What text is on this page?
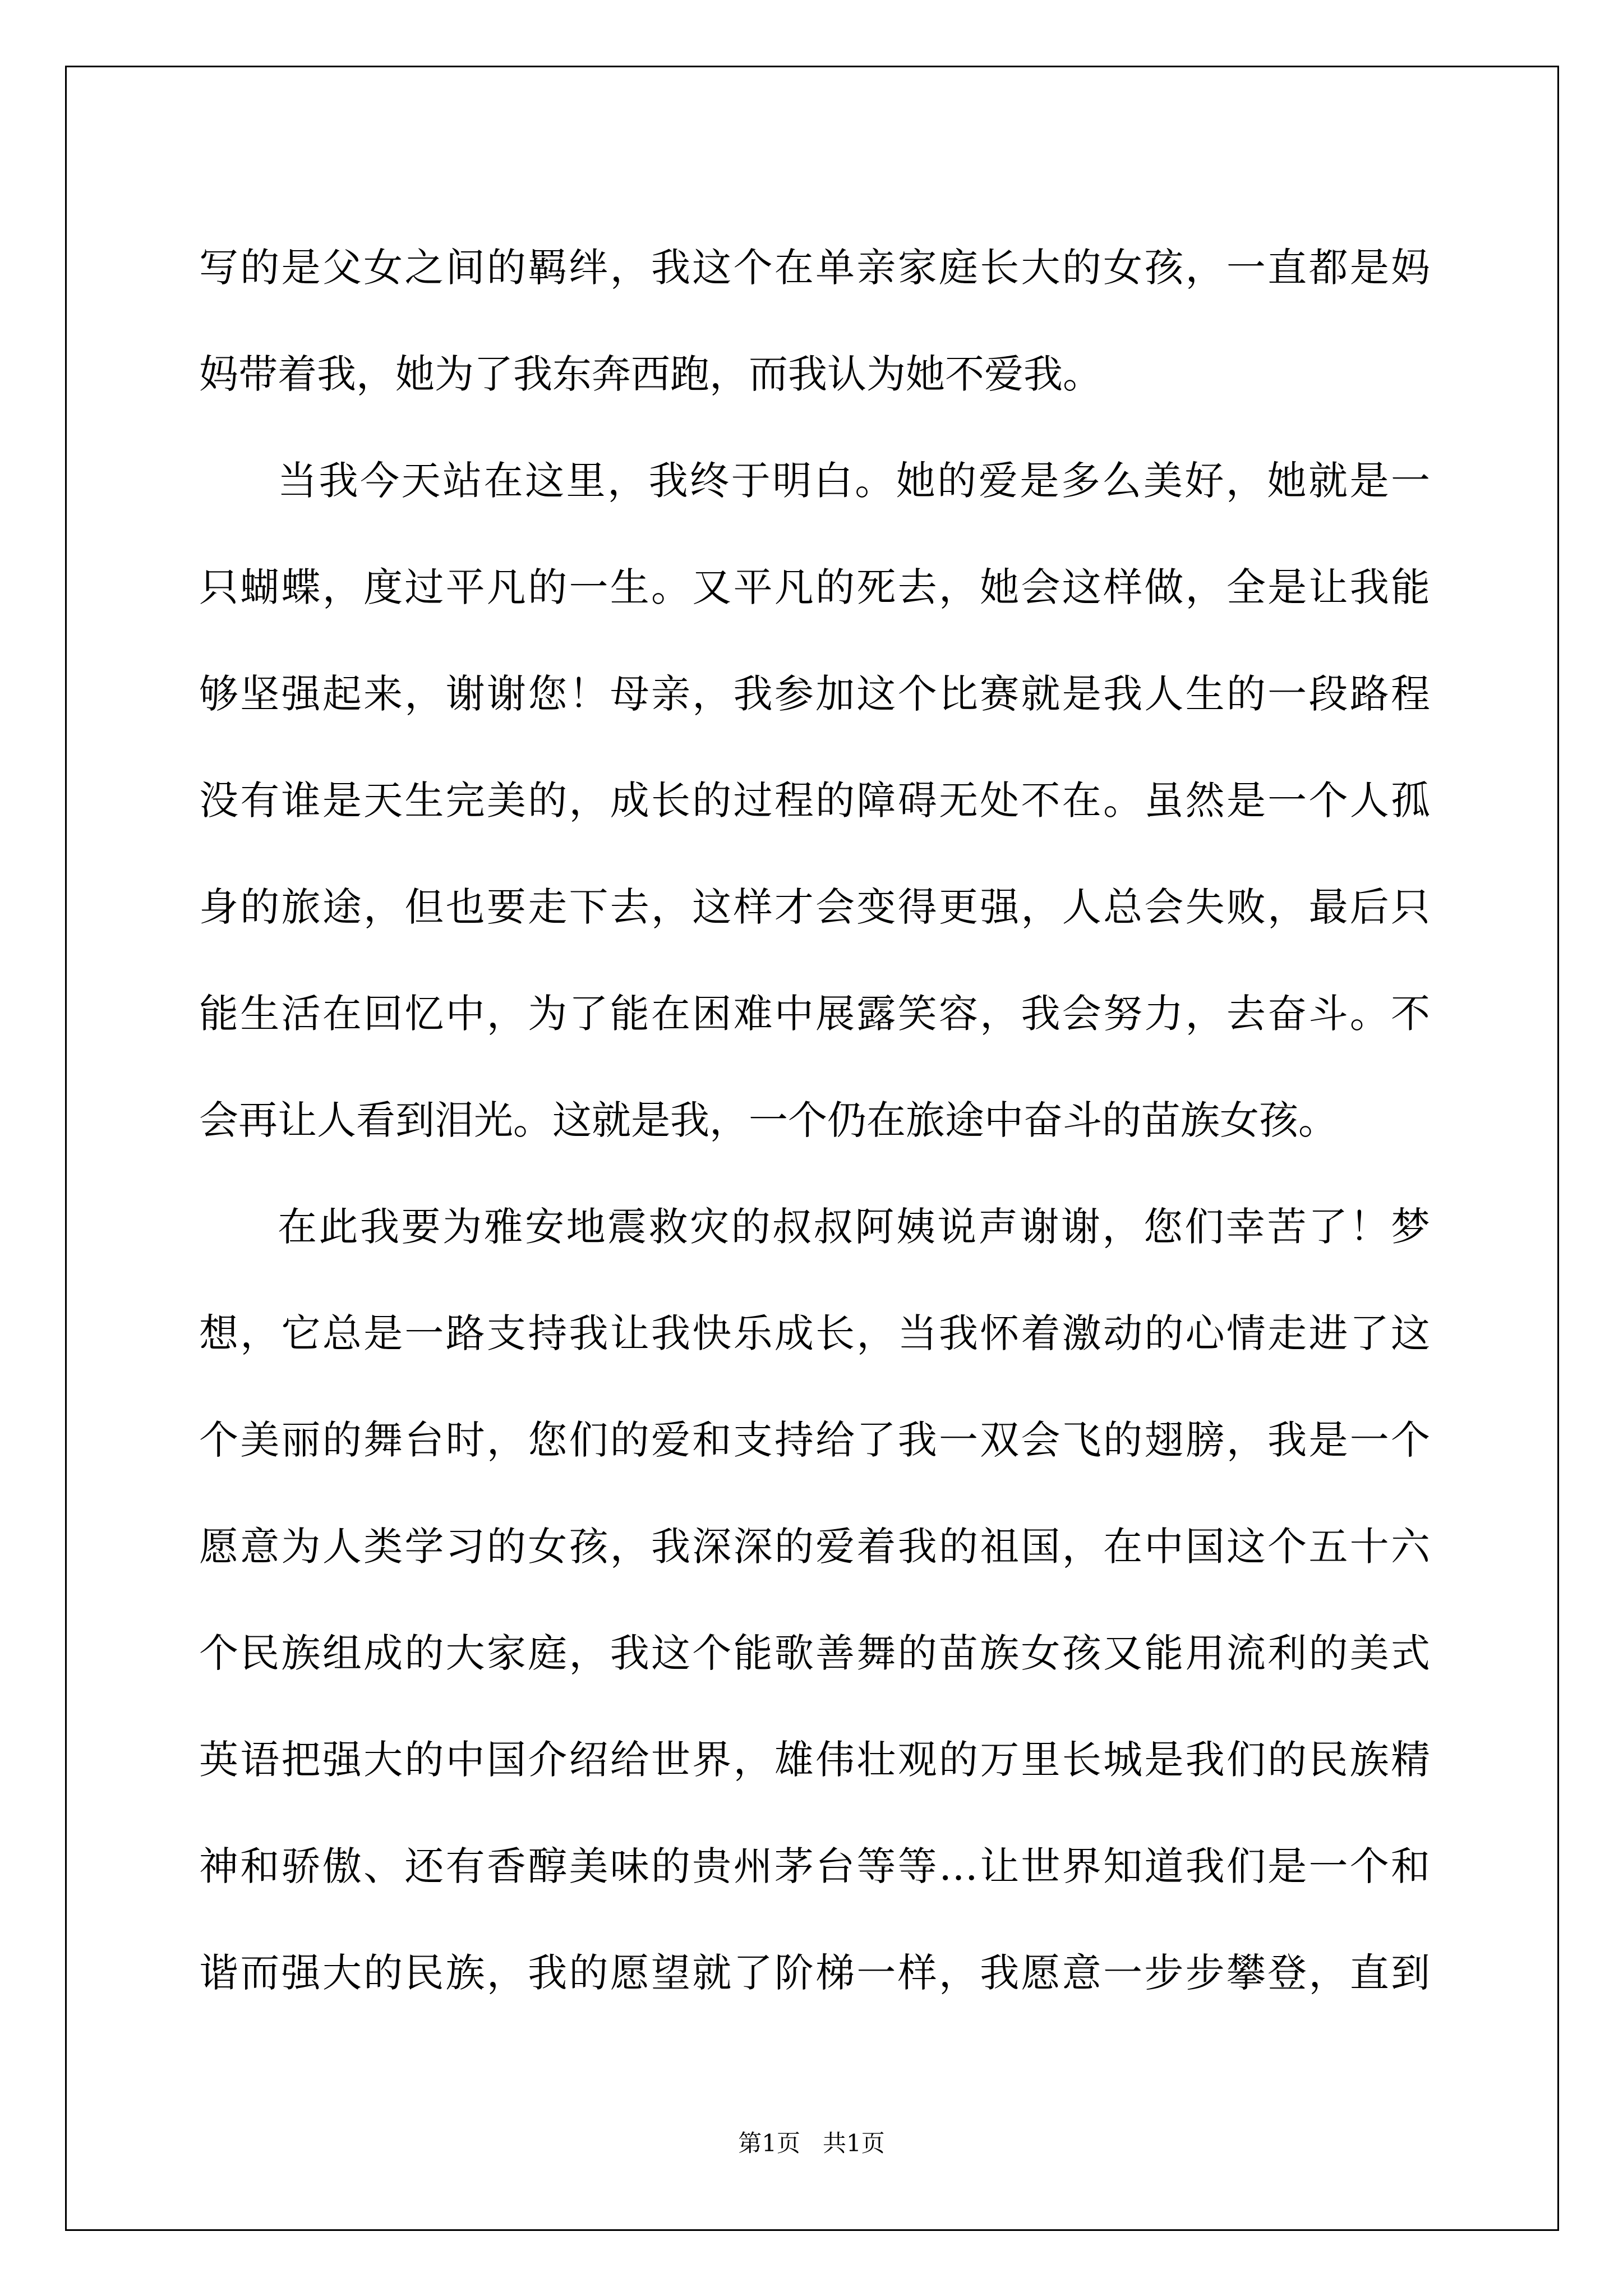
写的是父女之间的羁绊，我这个在单亲家庭长大的女孩，一直都是妈
妈带着我，她为了我东奔西跑，而我认为她不爱我。
当我今天站在这里，我终于明白。她的爱是多么美好，她就是一
只蝴蝶，度过平凡的一生。又平凡的死去，她会这样做，全是让我能
够坚强起来，谢谢您！母亲，我参加这个比赛就是我人生的一段路程
没有谁是天生完美的，成长的过程的障碍无处不在。虽然是一个人孤
身的旅途，但也要走下去，这样才会变得更强，人总会失败，最后只
能生活在回忆中，为了能在困难中展露笑容，我会努力，去奋斗。不
会再让人看到泪光。这就是我，一个仍在旅途中奋斗的苗族女孩。
在此我要为雅安地震救灾的叔叔阿姨说声谢谢，您们幸苦了！梦
想，它总是一路支持我让我快乐成长，当我怀着激动的心情走进了这
个美丽的舞台时，您们的爱和支持给了我一双会飞的翅膀，我是一个
愿意为人类学习的女孩，我深深的爱着我的祖国，在中国这个五十六
个民族组成的大家庭，我这个能歌善舞的苗族女孩又能用流利的美式
英语把强大的中国介绍给世界，雄伟壮观的万里长城是我们的民族精
神和骄傲、还有香醇美味的贵州茅台等等…让世界知道我们是一个和
谐而强大的民族，我的愿望就了阶梯一样，我愿意一步步攀登，直到
第1页   共1页
